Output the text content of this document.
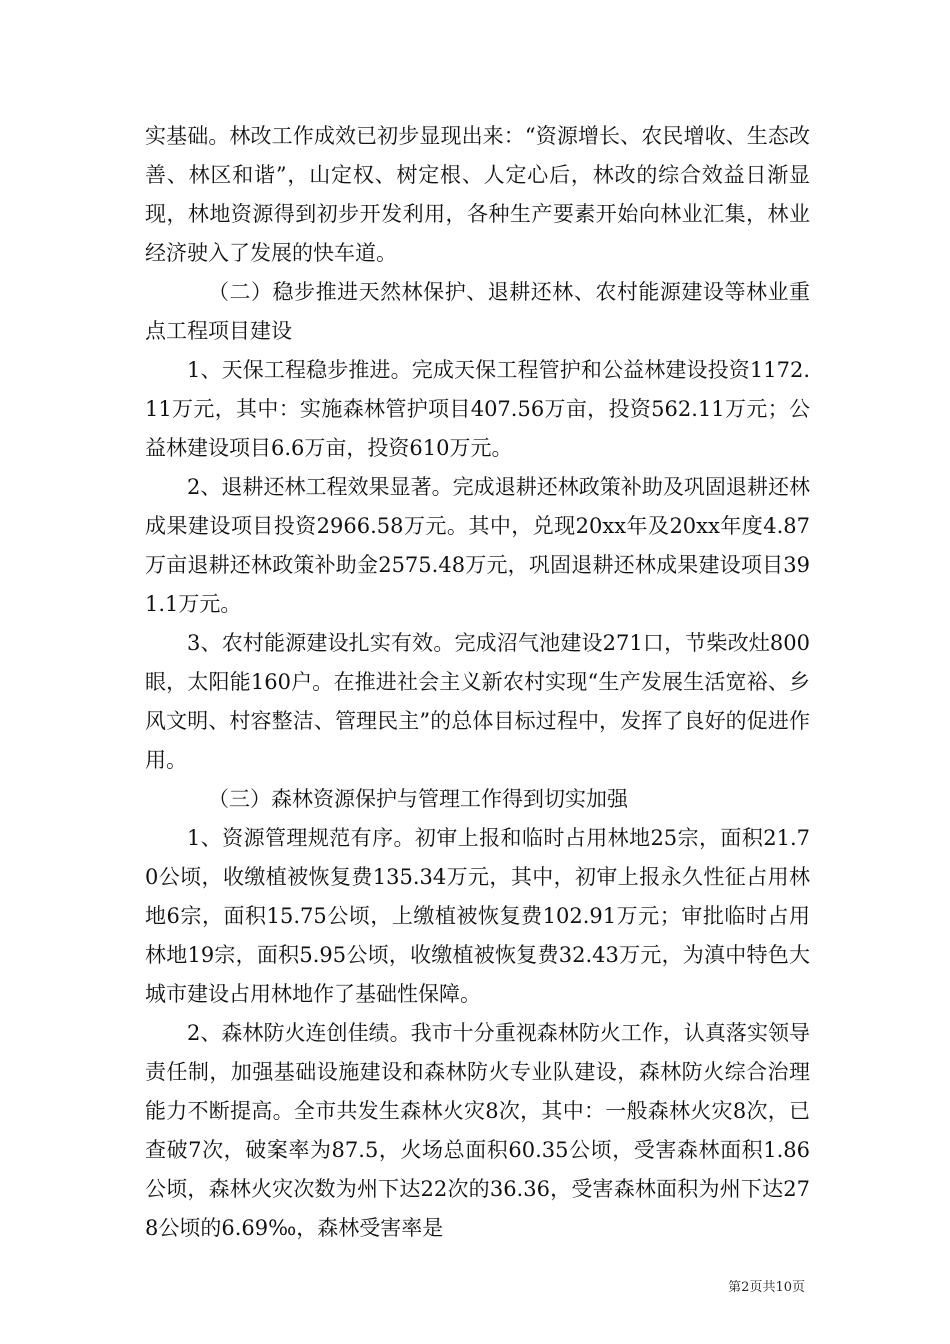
实基础。林改工作成效已初步显现出来：“资源增长、农民增收、生态改善、林区和谐”，山定权、树定根、人定心后，林改的综合效益日渐显现，林地资源得到初步开发利用，各种生产要素开始向林业汇集，林业经济驶入了发展的快车道。

（二）稳步推进天然林保护、退耕还林、农村能源建设等林业重点工程项目建设

1、天保工程稳步推进。完成天保工程管护和公益林建设投资1172.11万元，其中：实施森林管护项目407.56万亩，投资562.11万元；公益林建设项目6.6万亩，投资610万元。

2、退耕还林工程效果显著。完成退耕还林政策补助及巩固退耕还林成果建设项目投资2966.58万元。其中，兑现20xx年及20xx年度4.87万亩退耕还林政策补助金2575.48万元，巩固退耕还林成果建设项目391.1万元。

3、农村能源建设扎实有效。完成沼气池建设271口，节柴改灶800眼，太阳能160户。在推进社会主义新农村实现“生产发展生活宽裕、乡风文明、村容整洁、管理民主”的总体目标过程中，发挥了良好的促进作用。

（三）森林资源保护与管理工作得到切实加强

1、资源管理规范有序。初审上报和临时占用林地25宗，面积21.70公顷，收缴植被恢复费135.34万元，其中，初审上报永久性征占用林地6宗，面积15.75公顷，上缴植被恢复费102.91万元；审批临时占用林地19宗，面积5.95公顷，收缴植被恢复费32.43万元，为滇中特色大城市建设占用林地作了基础性保障。

2、森林防火连创佳绩。我市十分重视森林防火工作，认真落实领导责任制，加强基础设施建设和森林防火专业队建设，森林防火综合治理能力不断提高。全市共发生森林火灾8次，其中：一般森林火灾8次，已查破7次，破案率为87.5，火场总面积60.35公顷，受害森林面积1.86公顷，森林火灾次数为州下达22次的36.36，受害森林面积为州下达278公顷的6.69‰，森林受害率是

第2页共10页
